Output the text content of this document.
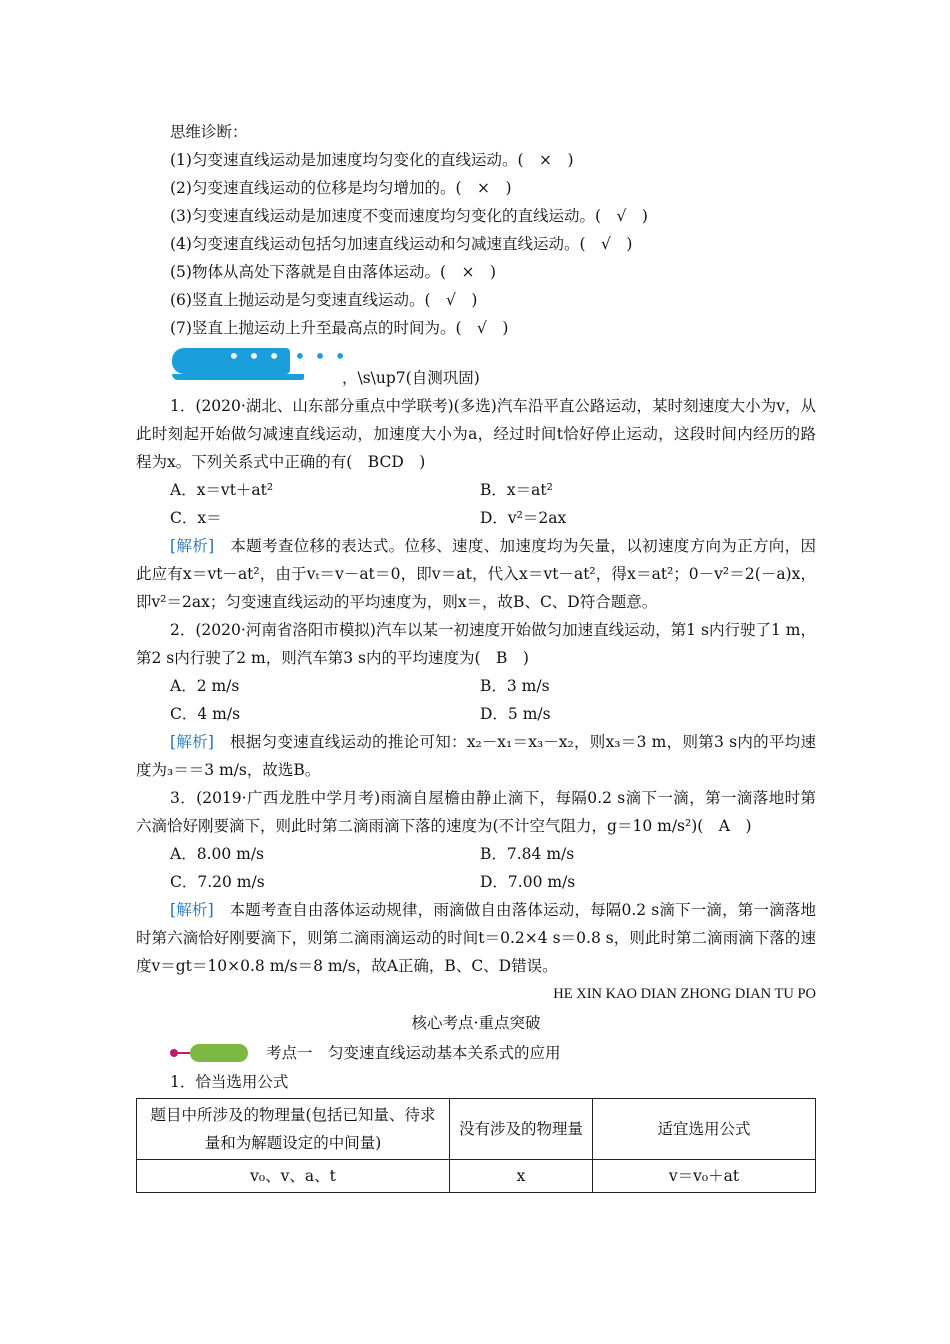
思维诊断：
(1)匀变速直线运动是加速度均匀变化的直线运动。(　×　)
(2)匀变速直线运动的位移是均匀增加的。(　×　)
(3)匀变速直线运动是加速度不变而速度均匀变化的直线运动。(　√　)
(4)匀变速直线运动包括匀加速直线运动和匀减速直线运动。(　√　)
(5)物体从高处下落就是自由落体运动。(　×　)
(6)竖直上抛运动是匀变速直线运动。(　√　)
(7)竖直上抛运动上升至最高点的时间为。(　√　)
• • • • • •
，\s\up7(自测巩固)
1．(2020·湖北、山东部分重点中学联考)(多选)汽车沿平直公路运动，某时刻速度大小为v，从此时刻起开始做匀减速直线运动，加速度大小为a，经过时间t恰好停止运动，这段时间内经历的路程为x。下列关系式中正确的有(　BCD　)
A．x＝vt＋at²	B．x＝at²
C．x＝	D．v²＝2ax
[解析]　本题考查位移的表达式。位移、速度、加速度均为矢量，以初速度方向为正方向，因此应有x＝vt－at²，由于vₜ＝v－at＝0，即v＝at，代入x＝vt－at²，得x＝at²；0－v²＝2(－a)x，即v²＝2ax；匀变速直线运动的平均速度为，则x＝，故B、C、D符合题意。
2．(2020·河南省洛阳市模拟)汽车以某一初速度开始做匀加速直线运动，第1 s内行驶了1 m，第2 s内行驶了2 m，则汽车第3 s内的平均速度为(　B　)
A．2 m/s	B．3 m/s
C．4 m/s	D．5 m/s
[解析]　根据匀变速直线运动的推论可知：x₂－x₁＝x₃－x₂，则x₃＝3 m，则第3 s内的平均速度为₃＝＝3 m/s，故选B。
3．(2019·广西龙胜中学月考)雨滴自屋檐由静止滴下，每隔0.2 s滴下一滴，第一滴落地时第六滴恰好刚要滴下，则此时第二滴雨滴下落的速度为(不计空气阻力，g＝10 m/s²)(　A　)
A．8.00 m/s	B．7.84 m/s
C．7.20 m/s	D．7.00 m/s
[解析]　本题考查自由落体运动规律，雨滴做自由落体运动，每隔0.2 s滴下一滴，第一滴落地时第六滴恰好刚要滴下，则第二滴雨滴运动的时间t＝0.2×4 s＝0.8 s，则此时第二滴雨滴下落的速度v＝gt＝10×0.8 m/s＝8 m/s，故A正确，B、C、D错误。
HE XIN KAO DIAN ZHONG DIAN TU PO
核心考点·重点突破
考点一　匀变速直线运动基本关系式的应用
1．恰当选用公式
题目中所涉及的物理量(包括已知量、待求量和为解题设定的中间量)	没有涉及的物理量	适宜选用公式
v₀、v、a、t	x	v＝v₀＋at
